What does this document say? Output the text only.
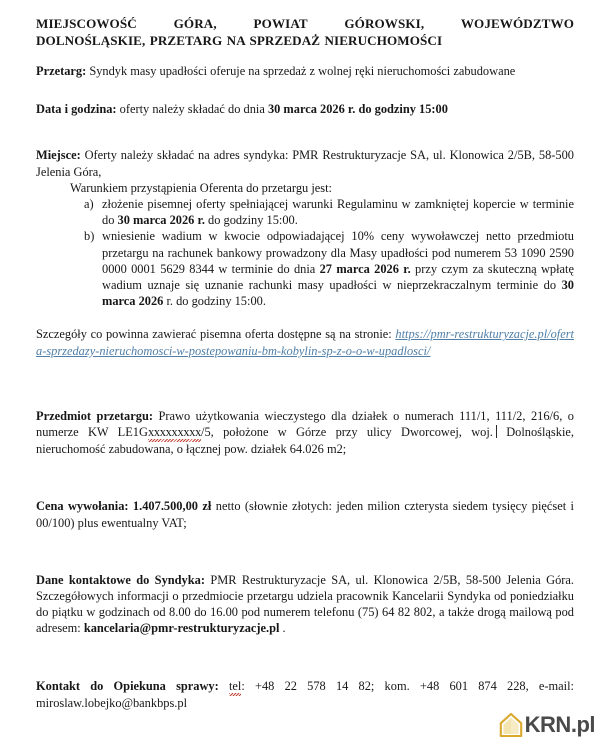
MIEJSCOWOŚĆ GÓRA, POWIAT GÓROWSKI, WOJEWÓDZTWO
DOLNOŚLĄSKIE, PRZETARG NA SPRZEDAŻ NIERUCHOMOŚCI

Przetarg: Syndyk masy upadłości oferuje na sprzedaż z wolnej ręki nieruchomości zabudowane

Data i godzina: oferty należy składać do dnia 30 marca 2026 r. do godziny 15:00

Miejsce: Oferty należy składać na adres syndyka: PMR Restrukturyzacje SA, ul. Klonowica 2/5B, 58-500 Jelenia Góra,

Warunkiem przystąpienia Oferenta do przetargu jest:

a) złożenie pisemnej oferty spełniającej warunki Regulaminu w zamkniętej kopercie w terminie do 30 marca 2026 r. do godziny 15:00.
b) wniesienie wadium w kwocie odpowiadającej 10% ceny wywoławczej netto przedmiotu przetargu na rachunek bankowy prowadzony dla Masy upadłości pod numerem 53 1090 2590 0000 0001 5629 8344 w terminie do dnia 27 marca 2026 r. przy czym za skuteczną wpłatę wadium uznaje się uznanie rachunki masy upadłości w nieprzekraczalnym terminie do 30 marca 2026 r. do godziny 15:00.

Szczegóły co powinna zawierać pisemna oferta dostępne są na stronie: https://pmr-restrukturyzacje.pl/oferta-sprzedazy-nieruchomosci-w-postepowaniu-bm-kobylin-sp-z-o-o-w-upadlosci/

Przedmiot przetargu: Prawo użytkowania wieczystego dla działek o numerach 111/1, 111/2, 216/6, o numerze KW LE1Gxxxxxxxxx/5, położone w Górze przy ulicy Dworcowej, woj. Dolnośląskie, nieruchomość zabudowana, o łącznej pow. działek 64.026 m2;

Cena wywołania: 1.407.500,00 zł netto (słownie złotych: jeden milion czterysta siedem tysięcy pięćset i 00/100) plus ewentualny VAT;

Dane kontaktowe do Syndyka: PMR Restrukturyzacje SA, ul. Klonowica 2/5B, 58-500 Jelenia Góra. Szczegółowych informacji o przedmiocie przetargu udziela pracownik Kancelarii Syndyka od poniedziałku do piątku w godzinach od 8.00 do 16.00 pod numerem telefonu (75) 64 82 802, a także drogą mailową pod adresem: kancelaria@pmr-restrukturyzacje.pl .

Kontakt do Opiekuna sprawy: tel: +48 22 578 14 82; kom. +48 601 874 228, e-mail: miroslaw.lobejko@bankbps.pl

KRN.pl
